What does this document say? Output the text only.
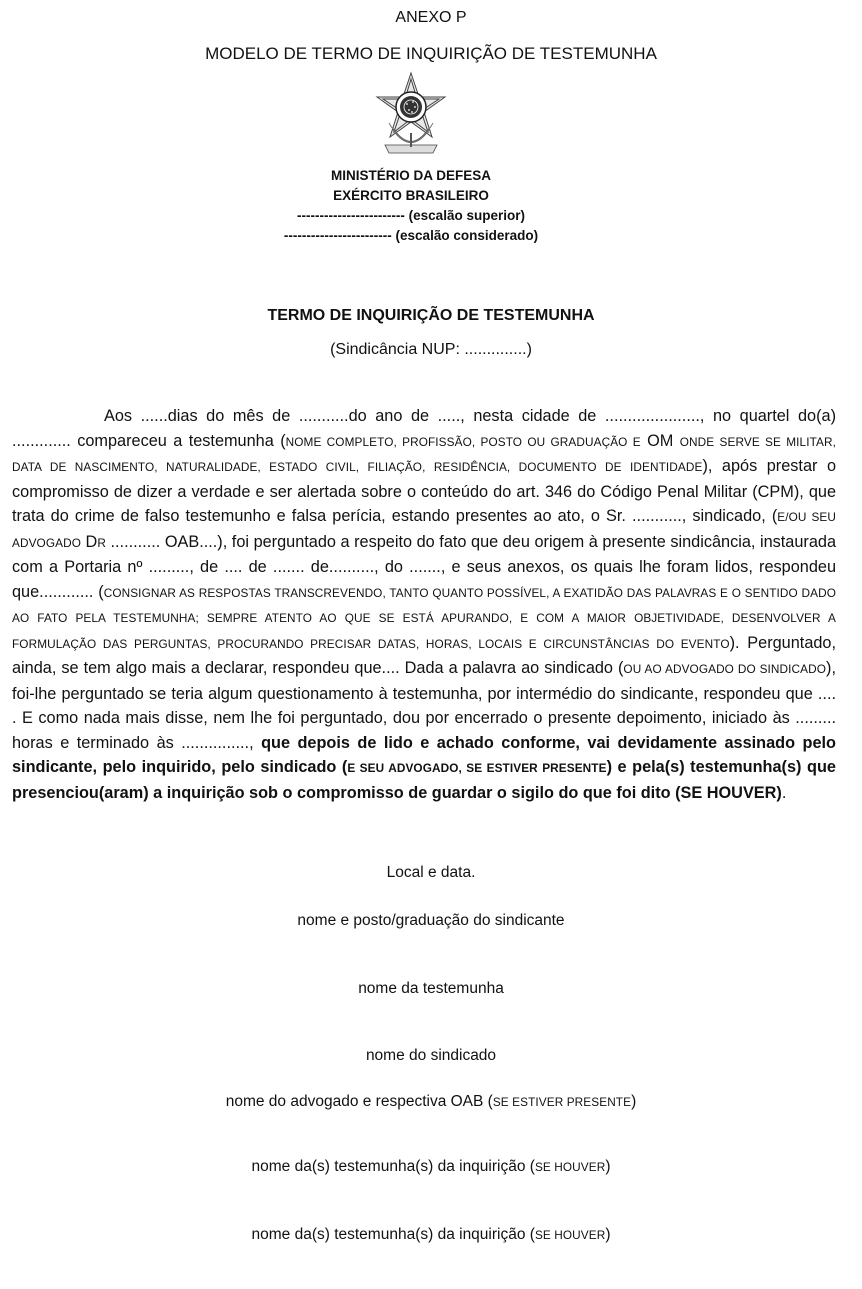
ANEXO P
MODELO DE TERMO DE INQUIRIÇÃO DE TESTEMUNHA
MINISTÉRIO DA DEFESA
EXÉRCITO BRASILEIRO
------------------------ (escalão superior)
------------------------ (escalão considerado)
TERMO DE INQUIRIÇÃO DE TESTEMUNHA
(Sindicância NUP: ..............)
Aos ......dias do mês de ...........do ano de ....., nesta cidade de ....................., no quartel do(a) ............. compareceu a testemunha (NOME COMPLETO, PROFISSÃO, POSTO OU GRADUAÇÃO E OM ONDE SERVE SE MILITAR, DATA DE NASCIMENTO, NATURALIDADE, ESTADO CIVIL, FILIAÇÃO, RESIDÊNCIA, DOCUMENTO DE IDENTIDADE), após prestar o compromisso de dizer a verdade e ser alertada sobre o conteúdo do art. 346 do Código Penal Militar (CPM), que trata do crime de falso testemunho e falsa perícia, estando presentes ao ato, o Sr. ..........., sindicado, (E/OU SEU ADVOGADO DR ........... OAB....), foi perguntado a respeito do fato que deu origem à presente sindicância, instaurada com a Portaria nº ........., de .... de ....... de.........., do ......., e seus anexos, os quais lhe foram lidos, respondeu que............ (CONSIGNAR AS RESPOSTAS TRANSCREVENDO, TANTO QUANTO POSSÍVEL, A EXATIDÃO DAS PALAVRAS E O SENTIDO DADO AO FATO PELA TESTEMUNHA; SEMPRE ATENTO AO QUE SE ESTÁ APURANDO, E COM A MAIOR OBJETIVIDADE, DESENVOLVER A FORMULAÇÃO DAS PERGUNTAS, PROCURANDO PRECISAR DATAS, HORAS, LOCAIS E CIRCUNSTÂNCIAS DO EVENTO). Perguntado, ainda, se tem algo mais a declarar, respondeu que.... Dada a palavra ao sindicado (OU AO ADVOGADO DO SINDICADO), foi-lhe perguntado se teria algum questionamento à testemunha, por intermédio do sindicante, respondeu que .... . E como nada mais disse, nem lhe foi perguntado, dou por encerrado o presente depoimento, iniciado às ......... horas e terminado às ..............., que depois de lido e achado conforme, vai devidamente assinado pelo sindicante, pelo inquirido, pelo sindicado (E SEU ADVOGADO, SE ESTIVER PRESENTE) e pela(s) testemunha(s) que presenciou(aram) a inquirição sob o compromisso de guardar o sigilo do que foi dito (SE HOUVER).
Local e data.
nome e posto/graduação do sindicante
nome da testemunha
nome do sindicado
nome do advogado e respectiva OAB (SE ESTIVER PRESENTE)
nome da(s) testemunha(s) da inquirição (SE HOUVER)
nome da(s) testemunha(s) da inquirição (SE HOUVER)
